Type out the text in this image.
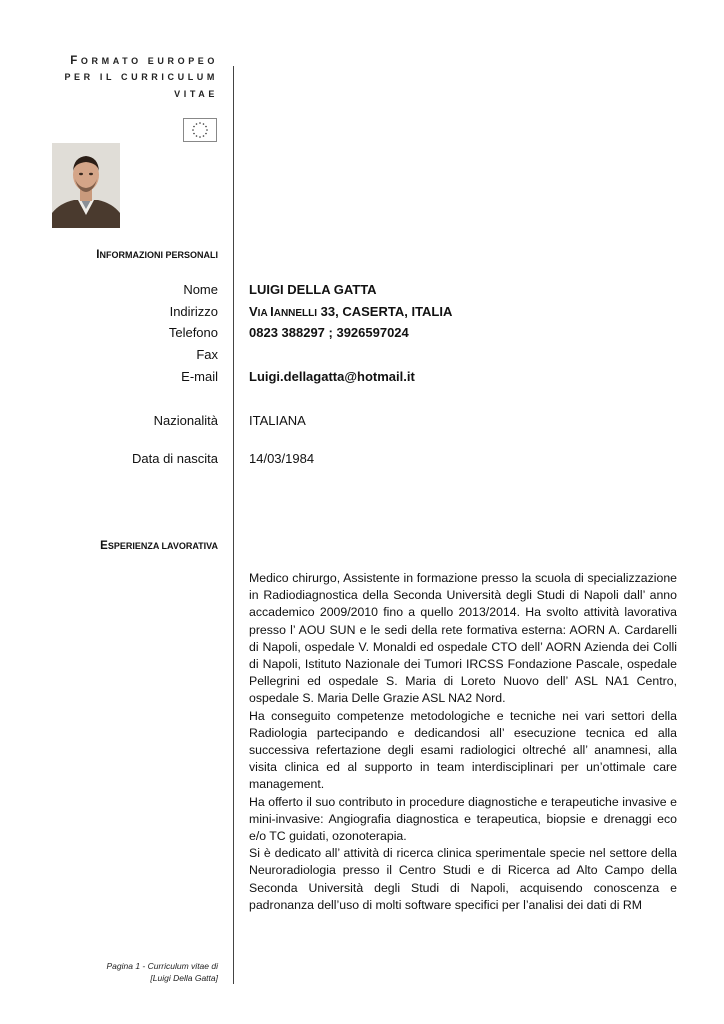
FORMATO EUROPEO
PER IL CURRICULUM
VITAE
INFORMAZIONI PERSONALI
Nome LUIGI DELLA GATTA
Indirizzo VIA IANNELLI 33, CASERTA, ITALIA
Telefono 0823 388297 ; 3926597024
Fax
E-mail Luigi.dellagatta@hotmail.it
Nazionalità ITALIANA
Data di nascita 14/03/1984
ESPERIENZA LAVORATIVA

Medico chirurgo, Assistente in formazione presso la scuola di specializzazione in Radiodiagnostica della Seconda Università degli Studi di Napoli dall’ anno accademico 2009/2010 fino a quello 2013/2014. Ha svolto attività lavorativa presso l’ AOU SUN e le sedi della rete formativa esterna: AORN A. Cardarelli di Napoli, ospedale V. Monaldi ed ospedale CTO dell’ AORN Azienda dei Colli di Napoli, Istituto Nazionale dei Tumori IRCSS Fondazione Pascale, ospedale Pellegrini ed ospedale S. Maria di Loreto Nuovo dell’ ASL NA1 Centro, ospedale S. Maria Delle Grazie ASL NA2 Nord.

Ha conseguito competenze metodologiche e tecniche nei vari settori della Radiologia partecipando e dedicandosi all’ esecuzione tecnica ed alla successiva refertazione degli esami radiologici oltreché all’ anamnesi, alla visita clinica ed al supporto in team interdisciplinari per un’ottimale care management.

Ha offerto il suo contributo in procedure diagnostiche e terapeutiche invasive e mini-invasive: Angiografia diagnostica e terapeutica, biopsie e drenaggi eco e/o TC guidati, ozonoterapia.

Si è dedicato all’ attività di ricerca clinica sperimentale specie nel settore della Neuroradiologia presso il Centro Studi e di Ricerca ad Alto Campo della Seconda Università degli Studi di Napoli, acquisendo conoscenza e padronanza dell’uso di molti software specifici per l’analisi dei dati di RM

Pagina 1 - Curriculum vitae di
[Luigi Della Gatta]
